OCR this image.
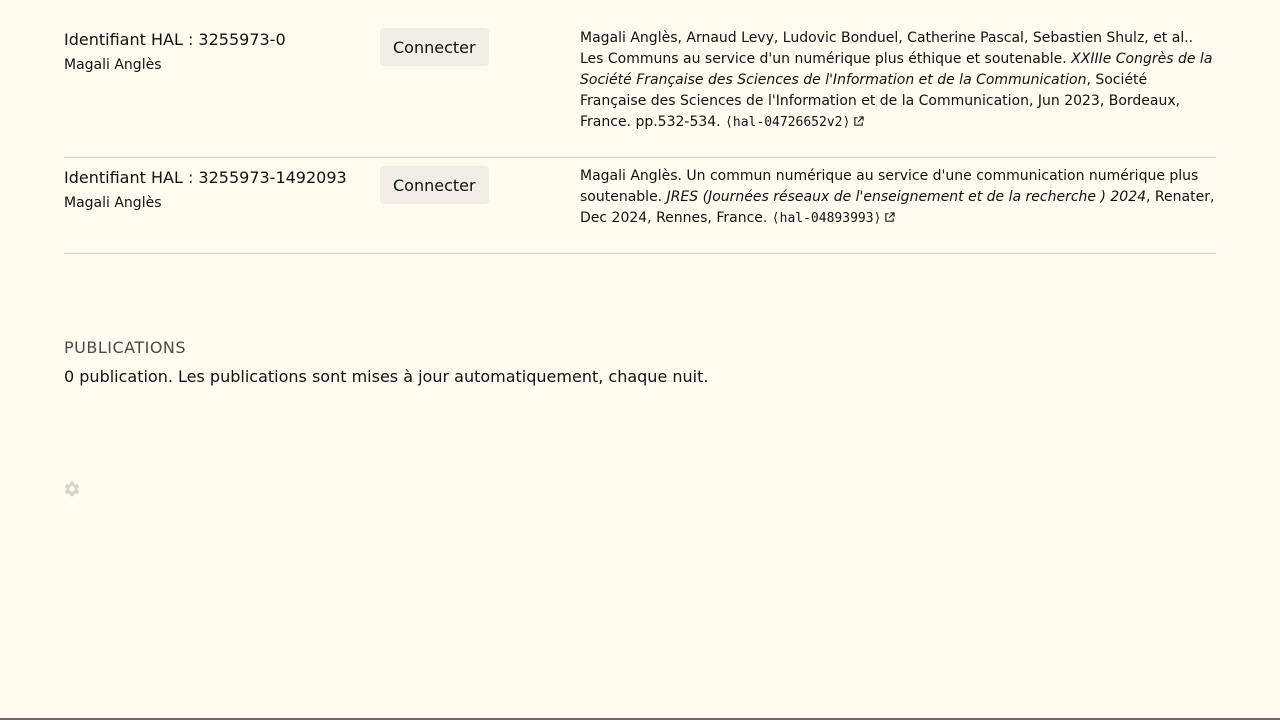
Identifiant HAL : 3255973-0
Magali Anglès
Connecter	Magali Anglès, Arnaud Levy, Ludovic Bonduel, Catherine Pascal, Sebastien Shulz, et al.. Les Communs au service d'un numérique plus éthique et soutenable. XXIIIe Congrès de la Société Française des Sciences de l'Information et de la Communication, Société Française des Sciences de l'Information et de la Communication, Jun 2023, Bordeaux, France. pp.532-534. ⟨hal-04726652v2⟩
Identifiant HAL : 3255973-1492093
Magali Anglès
Connecter	Magali Anglès. Un commun numérique au service d'une communication numérique plus soutenable. JRES (Journées réseaux de l'enseignement et de la recherche ) 2024, Renater, Dec 2024, Rennes, France. ⟨hal-04893993⟩
PUBLICATIONS
0 publication. Les publications sont mises à jour automatiquement, chaque nuit.
